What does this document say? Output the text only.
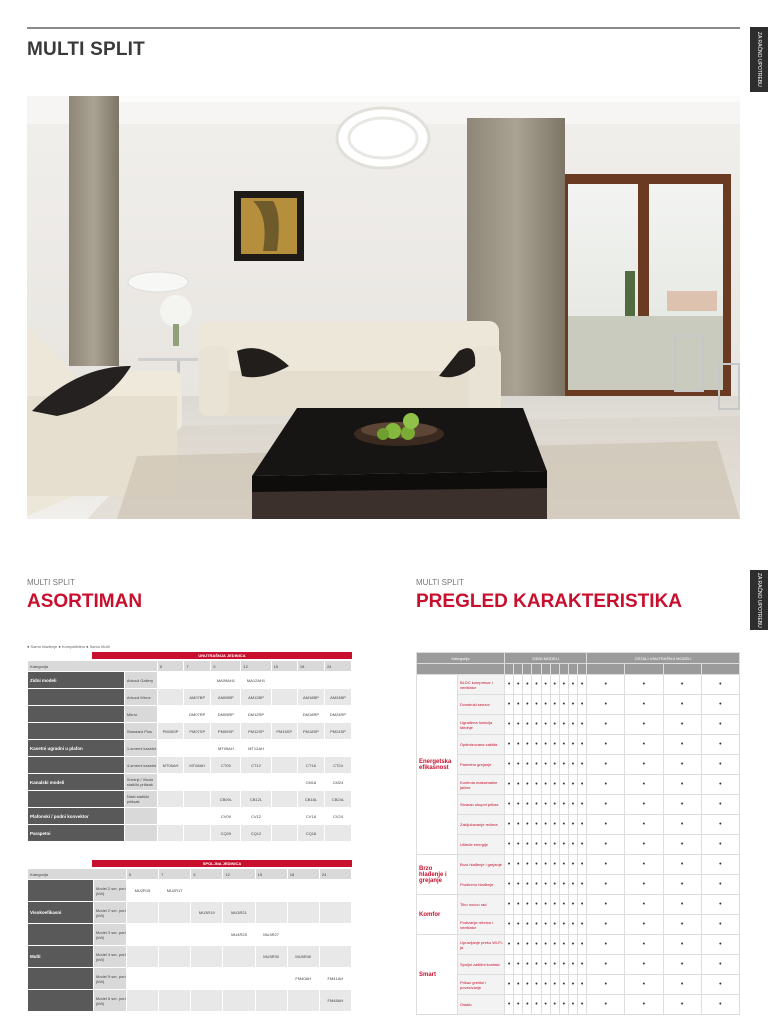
MULTI SPLIT	ZA RAČNO UPOTREBU
ZA RAČNO UPOTREBU
MULTI SPLIT
ASORTIMAN
● Samo hlađenje ● Kompatibilno ● Samo Multi
UNUTRAŠNJA JEDINICA
Kategorija		5	7	9	12	15	18	24
Zidni modeli	Artcool Gallery			MA09AH1	MA12AH1			
	Artcool Mirror		AM07BP	AM09BP	AM12BP		AM18BP	AM24BP
	Mirror		DM07RP	DM09RP	DM12RP		DM18RP	DM24RP
	Standard Plus	PM05SP	PM07SP	PM09SP	PM12SP	PM15SP	PM18SP	PM24SP
Kasetni ugradni u plafon	1-smerni kasetni			MT09AH	MT12AH			
	4-smerni kasetni	MT06AH	MT08AH	CT09	CT12		CT18	CT24
Kanalski modeli	Srednji / Visoki statički pritisak						CM18	CM24
	Niski statički pritisak			CB09L	CB12L		CB18L	CB24L
Plafonski / podni konvektor				CV09	CV12		CV18	CV24
Parapetni				CQ09	CQ12		CQ18	
SPOLJNA JEDINICA
Kategorija		5	7	9	12	15	18	24
	Model 2 ser. port (kW)	MU2R15	MU2R17					
Visokoefikasni	Model 2 ser. port (kW)			MU3R19	MU3R21			
	Model 3 ser. port (kW)				MU4R25	MU4R27		
Multi	Model 4 ser. port (kW)					MU5R30	MU5R40	
	Model 5 ser. port (kW)						FM40AH	FM41AH
	Model 6 ser. port (kW)							FM48AH
MULTI SPLIT
PREGLED KARAKTERISTIKA
Kategorija		ZIDNI MODELI									OSTALI UNUTRAŠNJI MODELI			

Energetska efikasnost	BLDC kompresor i ventilator	•	•	•	•	•	•	•	•	•	•	•	•	•
	Dvostruki senzor	•	•	•	•	•	•	•	•	•	•	•	•	•
	Ugrađena funkcija štednje	•	•	•	•	•	•	•	•	•	•	•	•	•
	Optimizovana zaštita	•	•	•	•	•	•	•	•	•	•	•	•	•
	Pametno grejanje	•	•	•	•	•	•	•	•	•	•	•	•	•
	Kontrola maksimalne jačine	•	•	•	•	•	•	•	•	•	•	•	•	•
	Stvaran ukupni prikaz	•	•	•	•	•	•	•	•	•	•	•	•	•
	Zaključavanje režima	•	•	•	•	•	•	•	•	•	•	•	•	•
	Uštede energije	•	•	•	•	•	•	•	•	•	•	•	•	•
Brzo hlađenje i grejanje	Brzo hlađenje i grejanje	•	•	•	•	•	•	•	•	•	•	•	•	•
	Prošireno hlađenje	•	•	•	•	•	•	•	•	•	•	•	•	•
Komfor	Tiho noćno rad	•	•	•	•	•	•	•	•	•	•	•	•	•
	Podizanje rebrica i ventilator	•	•	•	•	•	•	•	•	•	•	•	•	•
Smart	Upravljanje preko Wi-Fi-ja	•	•	•	•	•	•	•	•	•	•	•	•	•
	Spoljni zaštitni kontakt	•	•	•	•	•	•	•	•	•	•	•	•	•
	Prikaz greške i povezivanje	•	•	•	•	•	•	•	•	•	•	•	•	•
	Ostalo	•	•	•	•	•	•	•	•	•	•	•	•	•
